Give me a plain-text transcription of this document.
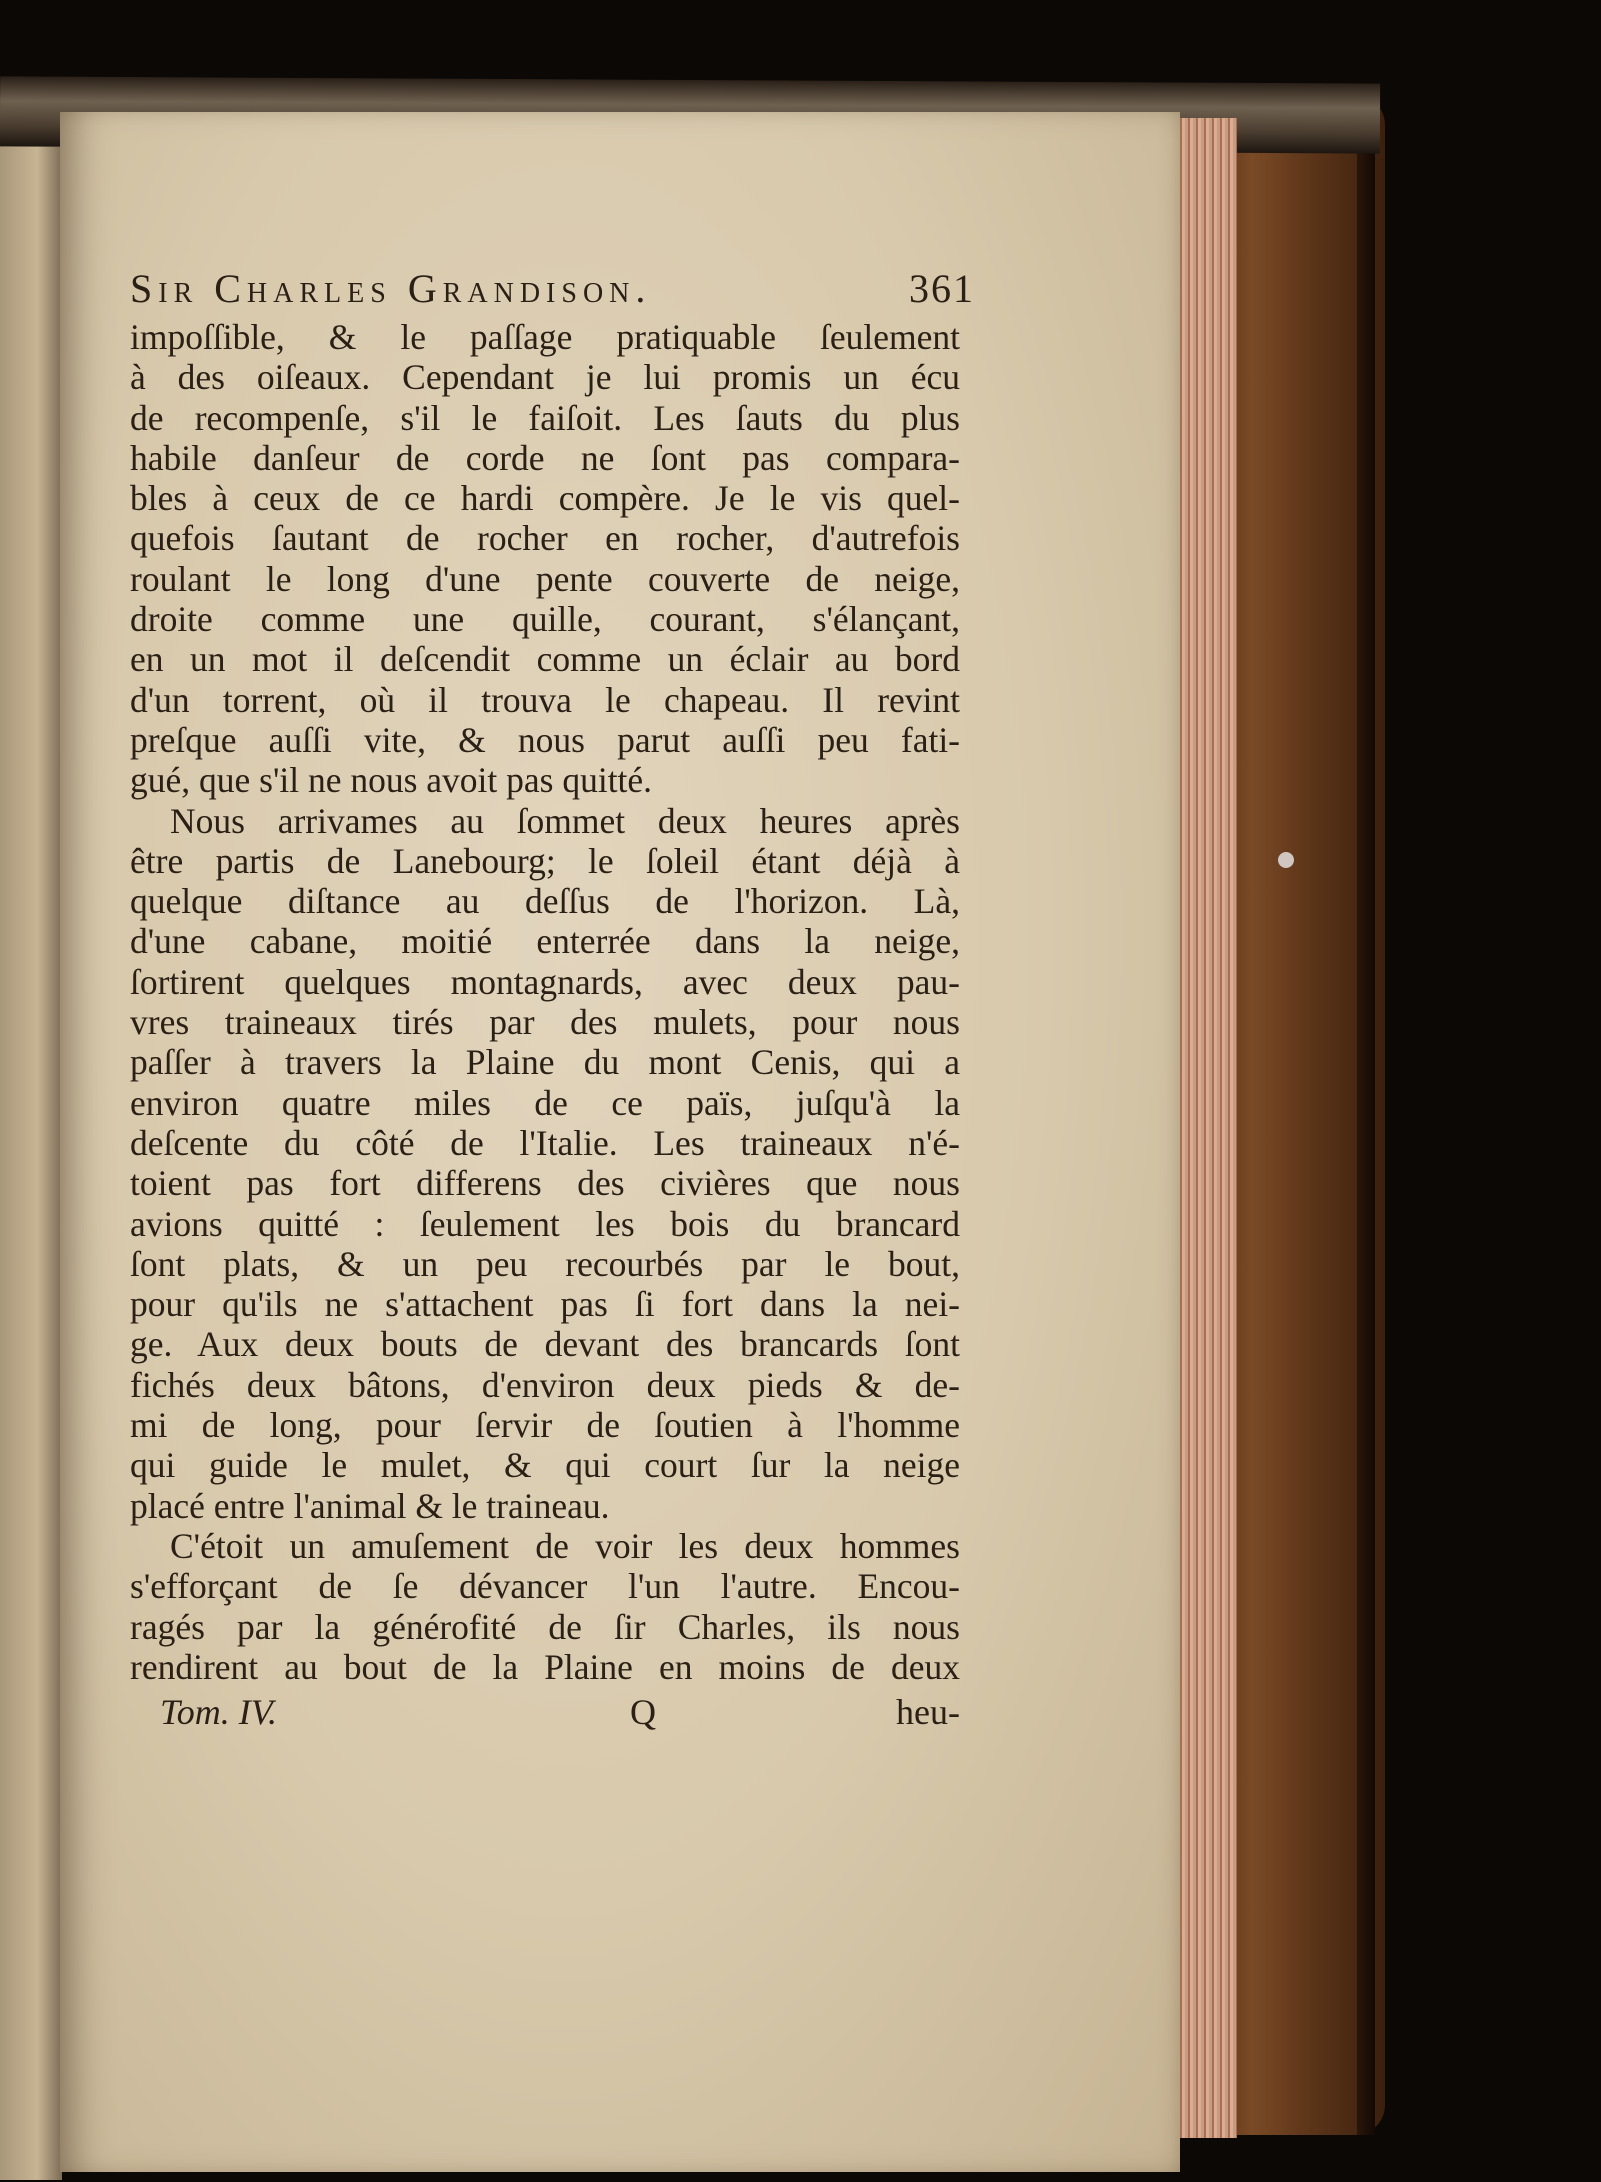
Sir Charles Grandison.	361
impoſſible, & le paſſage pratiquable ſeulement
à des oiſeaux. Cependant je lui promis un écu
de recompenſe, s'il le faiſoit. Les ſauts du plus
habile danſeur de corde ne ſont pas compara-
bles à ceux de ce hardi compère. Je le vis quel-
quefois ſautant de rocher en rocher, d'autrefois
roulant le long d'une pente couverte de neige,
droite comme une quille, courant, s'élançant,
en un mot il deſcendit comme un éclair au bord
d'un torrent, où il trouva le chapeau. Il revint
preſque auſſi vite, & nous parut auſſi peu fati-
gué, que s'il ne nous avoit pas quitté.
Nous arrivames au ſommet deux heures après
être partis de Lanebourg; le ſoleil étant déjà à
quelque diſtance au deſſus de l'horizon. Là,
d'une cabane, moitié enterrée dans la neige,
ſortirent quelques montagnards, avec deux pau-
vres traineaux tirés par des mulets, pour nous
paſſer à travers la Plaine du mont Cenis, qui a
environ quatre miles de ce païs, juſqu'à la
deſcente du côté de l'Italie. Les traineaux n'é-
toient pas fort differens des civières que nous
avions quitté : ſeulement les bois du brancard
ſont plats, & un peu recourbés par le bout,
pour qu'ils ne s'attachent pas ſi fort dans la nei-
ge. Aux deux bouts de devant des brancards ſont
fichés deux bâtons, d'environ deux pieds & de-
mi de long, pour ſervir de ſoutien à l'homme
qui guide le mulet, & qui court ſur la neige
placé entre l'animal & le traineau.
C'étoit un amuſement de voir les deux hommes
s'efforçant de ſe dévancer l'un l'autre. Encou-
ragés par la générofité de ſir Charles, ils nous
rendirent au bout de la Plaine en moins de deux
Tom. IV.	Q	heu-
